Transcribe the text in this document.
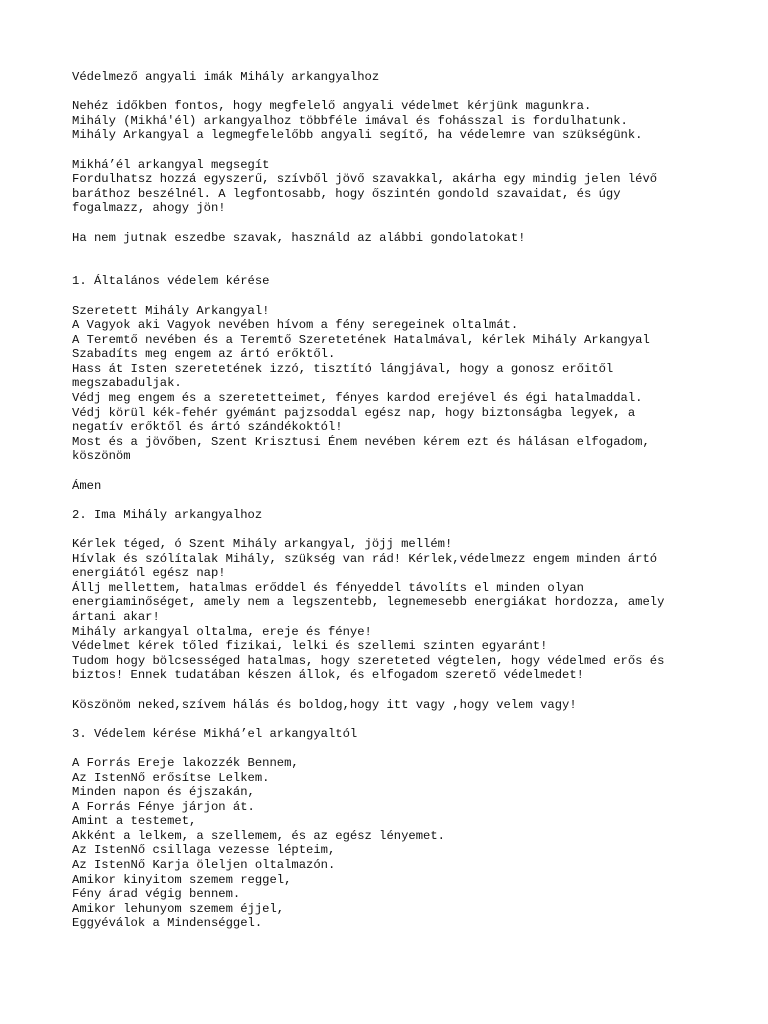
Védelmező angyali imák Mihály arkangyalhoz
Nehéz időkben fontos, hogy megfelelő angyali védelmet kérjünk magunkra.
Mihály (Mikhá'él) arkangyalhoz többféle imával és fohásszal is fordulhatunk.
Mihály Arkangyal a legmegfelelőbb angyali segítő, ha védelemre van szükségünk.
Mikhá’él arkangyal megsegít
Fordulhatsz hozzá egyszerű, szívből jövő szavakkal, akárha egy mindig jelen lévő
baráthoz beszélnél. A legfontosabb, hogy őszintén gondold szavaidat, és úgy
fogalmazz, ahogy jön!
Ha nem jutnak eszedbe szavak, használd az alábbi gondolatokat!
1. Általános védelem kérése
Szeretett Mihály Arkangyal!
A Vagyok aki Vagyok nevében hívom a fény seregeinek oltalmát.
A Teremtő nevében és a Teremtő Szeretetének Hatalmával, kérlek Mihály Arkangyal
Szabadíts meg engem az ártó erőktől.
Hass át Isten szeretetének izzó, tisztító lángjával, hogy a gonosz erőitől
megszabaduljak.
Védj meg engem és a szeretetteimet, fényes kardod erejével és égi hatalmaddal.
Védj körül kék-fehér gyémánt pajzsoddal egész nap, hogy biztonságba legyek, a
negatív erőktől és ártó szándékoktól!
Most és a jövőben, Szent Krisztusi Énem nevében kérem ezt és hálásan elfogadom,
köszönöm
Ámen
2. Ima Mihály arkangyalhoz
Kérlek téged, ó Szent Mihály arkangyal, jöjj mellém!
Hívlak és szólítalak Mihály, szükség van rád! Kérlek,védelmezz engem minden ártó
energiától egész nap!
Állj mellettem, hatalmas erőddel és fényeddel távolíts el minden olyan
energiaminőséget, amely nem a legszentebb, legnemesebb energiákat hordozza, amely
ártani akar!
Mihály arkangyal oltalma, ereje és fénye!
Védelmet kérek tőled fizikai, lelki és szellemi szinten egyaránt!
Tudom hogy bölcsességed hatalmas, hogy szereteted végtelen, hogy védelmed erős és
biztos! Ennek tudatában készen állok, és elfogadom szerető védelmedet!
Köszönöm neked,szívem hálás és boldog,hogy itt vagy ,hogy velem vagy!
3. Védelem kérése Mikhá’el arkangyaltól
A Forrás Ereje lakozzék Bennem,
Az IstenNő erősítse Lelkem.
Minden napon és éjszakán,
A Forrás Fénye járjon át.
Amint a testemet,
Akként a lelkem, a szellemem, és az egész lényemet.
Az IstenNő csillaga vezesse lépteim,
Az IstenNő Karja öleljen oltalmazón.
Amikor kinyitom szemem reggel,
Fény árad végig bennem.
Amikor lehunyom szemem éjjel,
Eggyéválok a Mindenséggel.
